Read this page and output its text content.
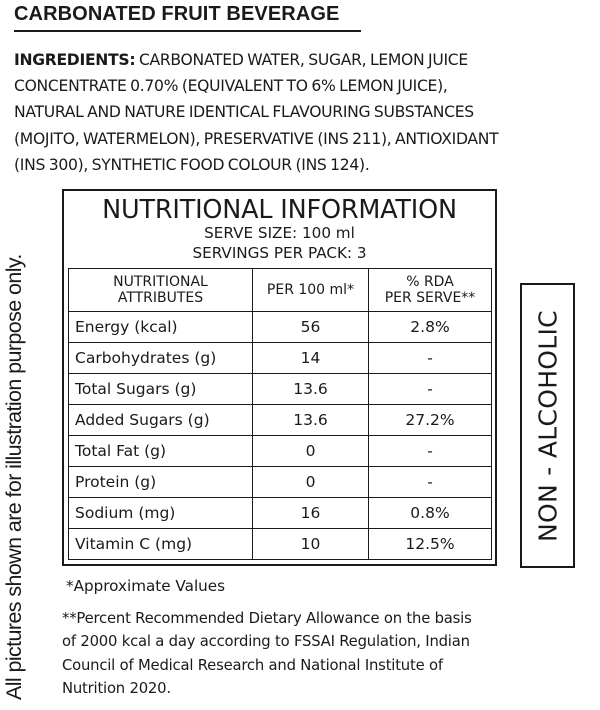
CARBONATED FRUIT BEVERAGE
INGREDIENTS: CARBONATED WATER, SUGAR, LEMON JUICE
CONCENTRATE 0.70% (EQUIVALENT TO 6% LEMON JUICE),
NATURAL AND NATURE IDENTICAL FLAVOURING SUBSTANCES
(MOJITO, WATERMELON), PRESERVATIVE (INS 211), ANTIOXIDANT
(INS 300), SYNTHETIC FOOD COLOUR (INS 124).
All pictures shown are for illustration purpose only.
NUTRITIONAL INFORMATION
SERVE SIZE: 100 ml
SERVINGS PER PACK: 3
NUTRITIONAL
ATTRIBUTES	PER 100 ml*	% RDA
PER SERVE**
Energy (kcal)	56	2.8%
Carbohydrates (g)	14	-
Total Sugars (g)	13.6	-
Added Sugars (g)	13.6	27.2%
Total Fat (g)	0	-
Protein (g)	0	-
Sodium (mg)	16	0.8%
Vitamin C (mg)	10	12.5%
NON - ALCOHOLIC
*Approximate Values
**Percent Recommended Dietary Allowance on the basis
of 2000 kcal a day according to FSSAI Regulation, Indian
Council of Medical Research and National Institute of
Nutrition 2020.
